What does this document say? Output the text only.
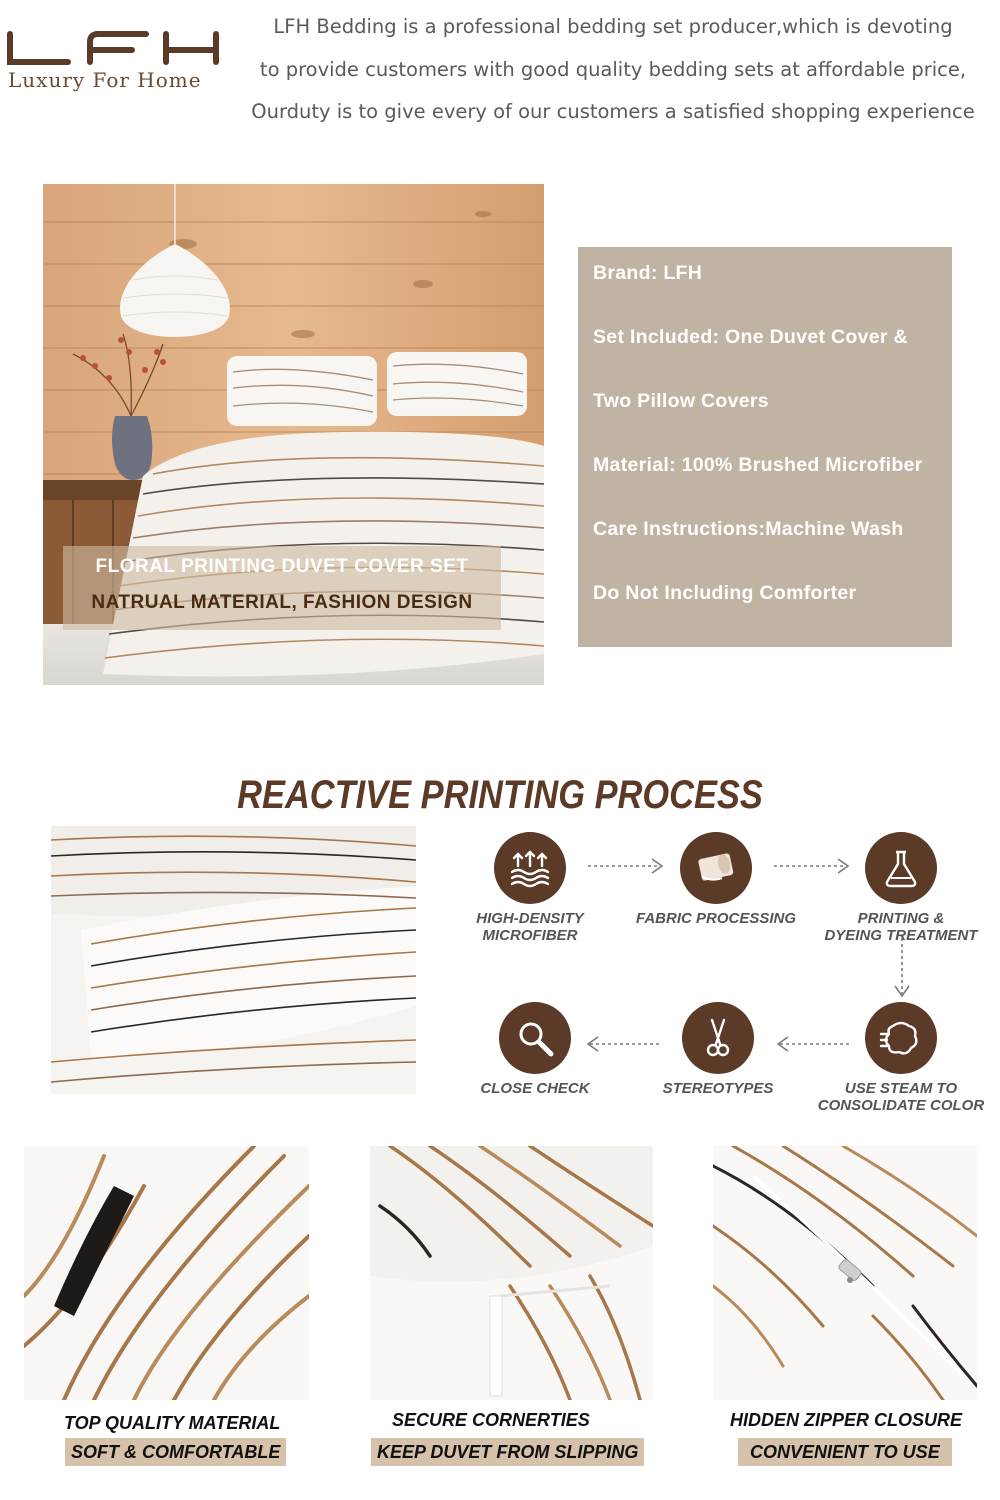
Luxury For Home
LFH Bedding is a professional bedding set producer,which is devoting
to provide customers with good quality bedding sets at affordable price,
Ourduty is to give every of our customers a satisfied shopping experience
FLORAL PRINTING DUVET COVER SET
NATRUAL MATERIAL, FASHION DESIGN
Brand: LFH
Set Included: One Duvet Cover &
Two Pillow Covers
Material: 100% Brushed Microfiber
Care Instructions:Machine Wash
Do Not Including Comforter
REACTIVE PRINTING PROCESS
HIGH-DENSITY
MICROFIBER
FABRIC PROCESSING	PRINTING &
DYEING TREATMENT
USE STEAM TO
CONSOLIDATE COLOR
STEREOTYPES
CLOSE CHECK
TOP QUALITY MATERIAL
SOFT & COMFORTABLE
SECURE CORNERTIES
KEEP DUVET FROM SLIPPING
HIDDEN ZIPPER CLOSURE
CONVENIENT TO USE
